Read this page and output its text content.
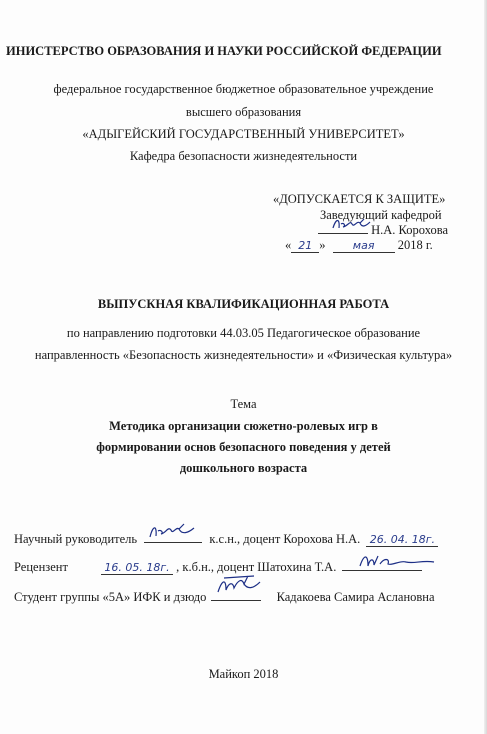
ИНИСТЕРСТВО ОБРАЗОВАНИЯ И НАУКИ РОССИЙСКОЙ ФЕДЕРАЦИИ
федеральное государственное бюджетное образовательное учреждение
высшего образования
«АДЫГЕЙСКИЙ ГОСУДАРСТВЕННЫЙ УНИВЕРСИТЕТ»
Кафедра безопасности жизнедеятельности
«ДОПУСКАЕТСЯ К ЗАЩИТЕ»
Заведующий кафедрой
Н.А. Корохова
« 21 » мая 2018 г.
ВЫПУСКНАЯ КВАЛИФИКАЦИОННАЯ РАБОТА
по направлению подготовки 44.03.05 Педагогическое образование
направленность «Безопасность жизнедеятельности» и «Физическая культура»
Тема
Методика организации сюжетно-ролевых игр в
формировании основ безопасного поведения у детей
дошкольного возраста
Научный руководитель	к.с.н., доцент Корохова Н.А. 26. 04. 18г.
Рецензент	16. 05. 18г. , к.б.н., доцент Шатохина Т.А.
Студент группы «5А» ИФК и дзюдо	Кадакоева Самира Аслановна
Майкоп 2018
